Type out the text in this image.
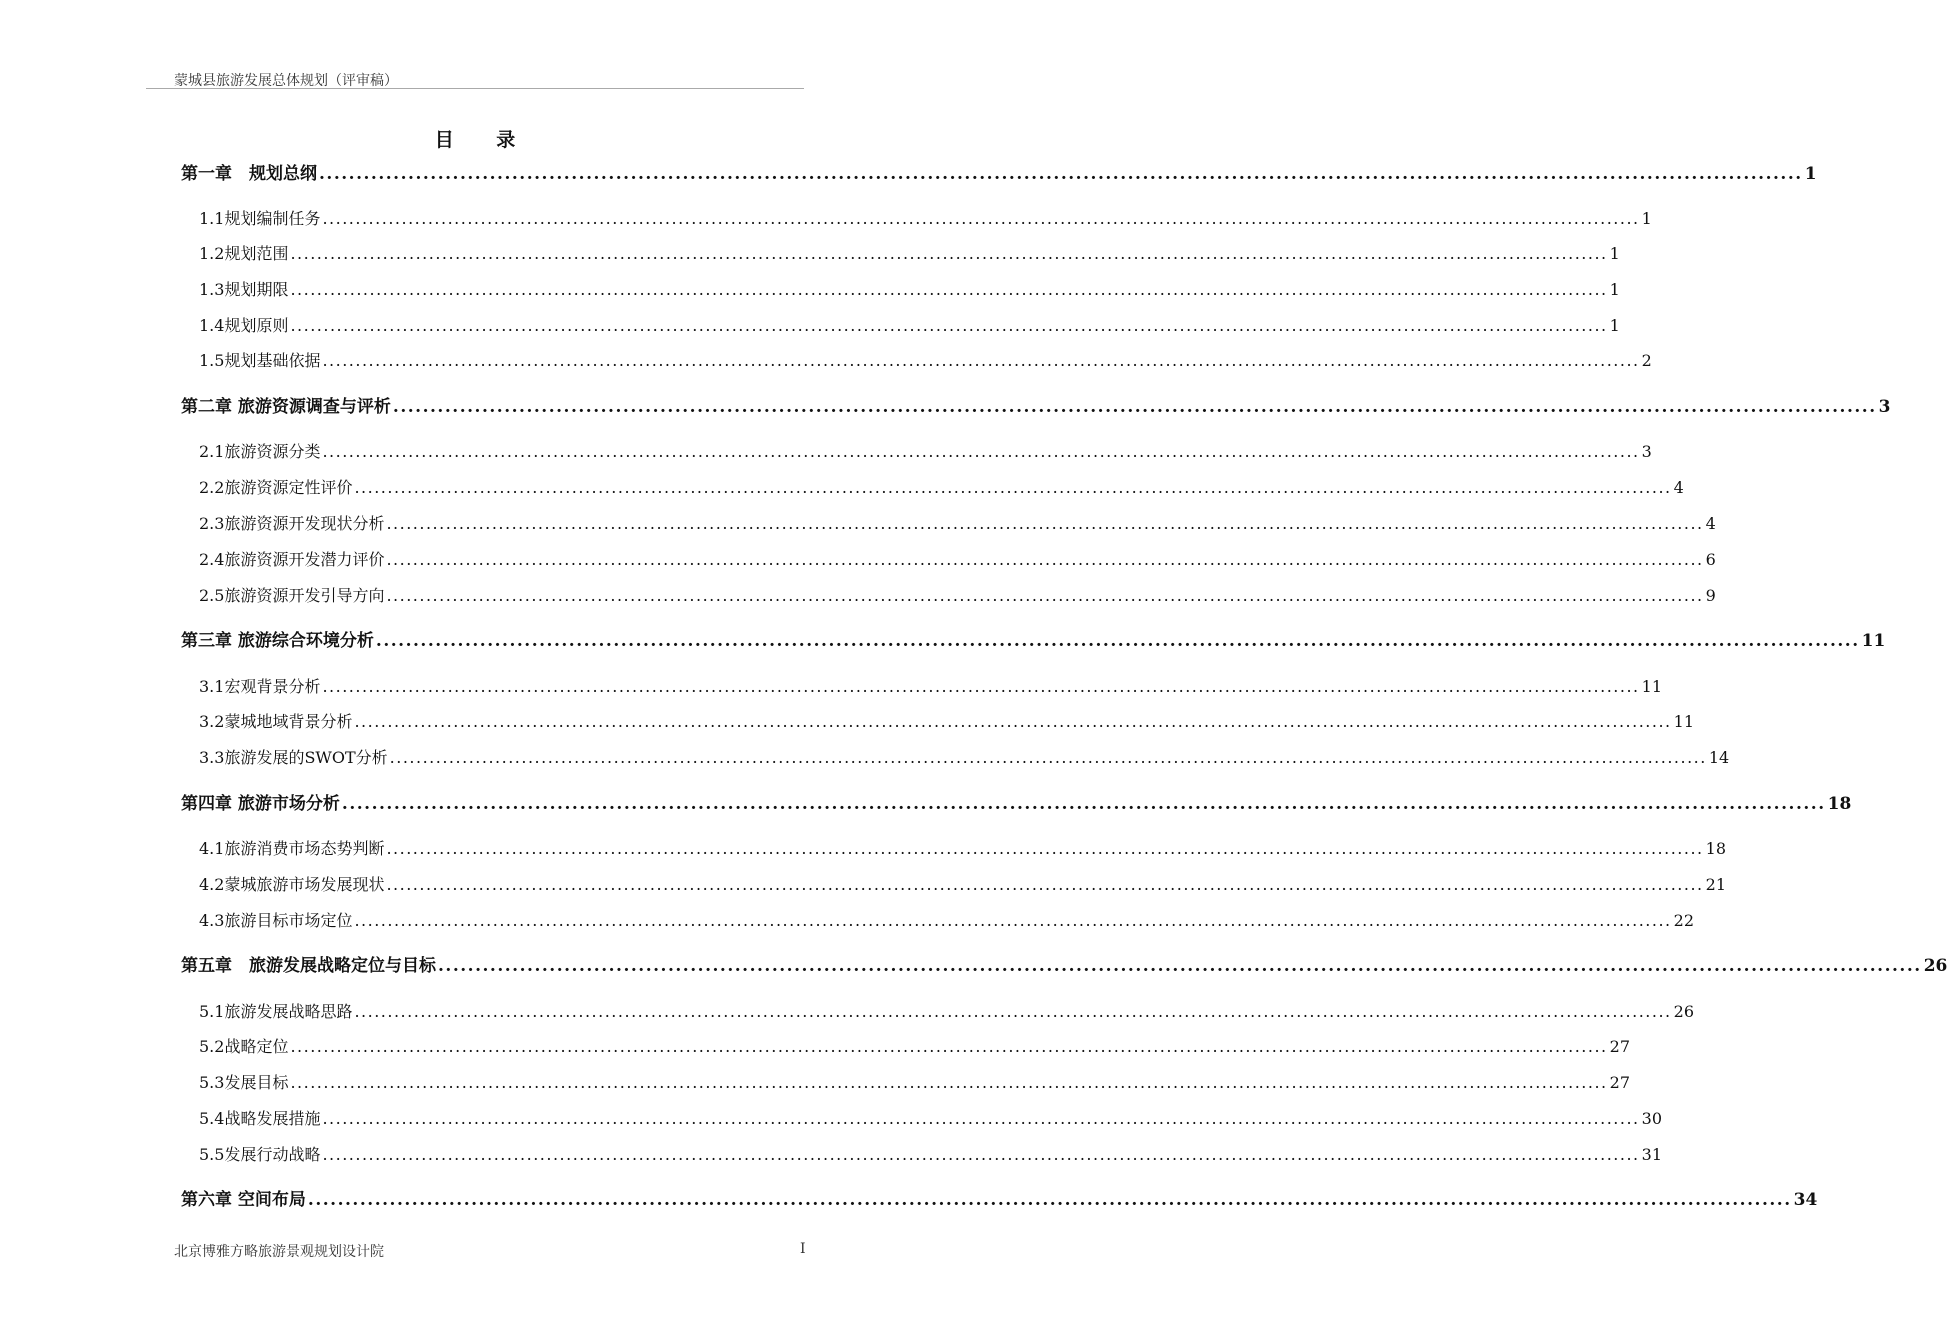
蒙城县旅游发展总体规划（评审稿）
目 录
第一章　规划总纲 ........................................................................................................................................................................................................ 1
1.1规划编制任务 ........................................................................................................................................................................................................ 1
1.2规划范围 ........................................................................................................................................................................................................ 1
1.3规划期限 ........................................................................................................................................................................................................ 1
1.4规划原则 ........................................................................................................................................................................................................ 1
1.5规划基础依据 ........................................................................................................................................................................................................ 2
第二章 旅游资源调查与评析 ........................................................................................................................................................................................................ 3
2.1旅游资源分类 ........................................................................................................................................................................................................ 3
2.2旅游资源定性评价 ........................................................................................................................................................................................................ 4
2.3旅游资源开发现状分析 ........................................................................................................................................................................................................ 4
2.4旅游资源开发潜力评价 ........................................................................................................................................................................................................ 6
2.5旅游资源开发引导方向 ........................................................................................................................................................................................................ 9
第三章 旅游综合环境分析 ........................................................................................................................................................................................................ 11
3.1宏观背景分析 ........................................................................................................................................................................................................ 11
3.2蒙城地域背景分析 ........................................................................................................................................................................................................ 11
3.3旅游发展的SWOT分析 ........................................................................................................................................................................................................ 14
第四章 旅游市场分析 ........................................................................................................................................................................................................ 18
4.1旅游消费市场态势判断 ........................................................................................................................................................................................................ 18
4.2蒙城旅游市场发展现状 ........................................................................................................................................................................................................ 21
4.3旅游目标市场定位 ........................................................................................................................................................................................................ 22
第五章　旅游发展战略定位与目标 ........................................................................................................................................................................................................ 26
5.1旅游发展战略思路 ........................................................................................................................................................................................................ 26
5.2战略定位 ........................................................................................................................................................................................................ 27
5.3发展目标 ........................................................................................................................................................................................................ 27
5.4战略发展措施 ........................................................................................................................................................................................................ 30
5.5发展行动战略 ........................................................................................................................................................................................................ 31
第六章 空间布局 ........................................................................................................................................................................................................ 34
北京博雅方略旅游景观规划设计院	I
